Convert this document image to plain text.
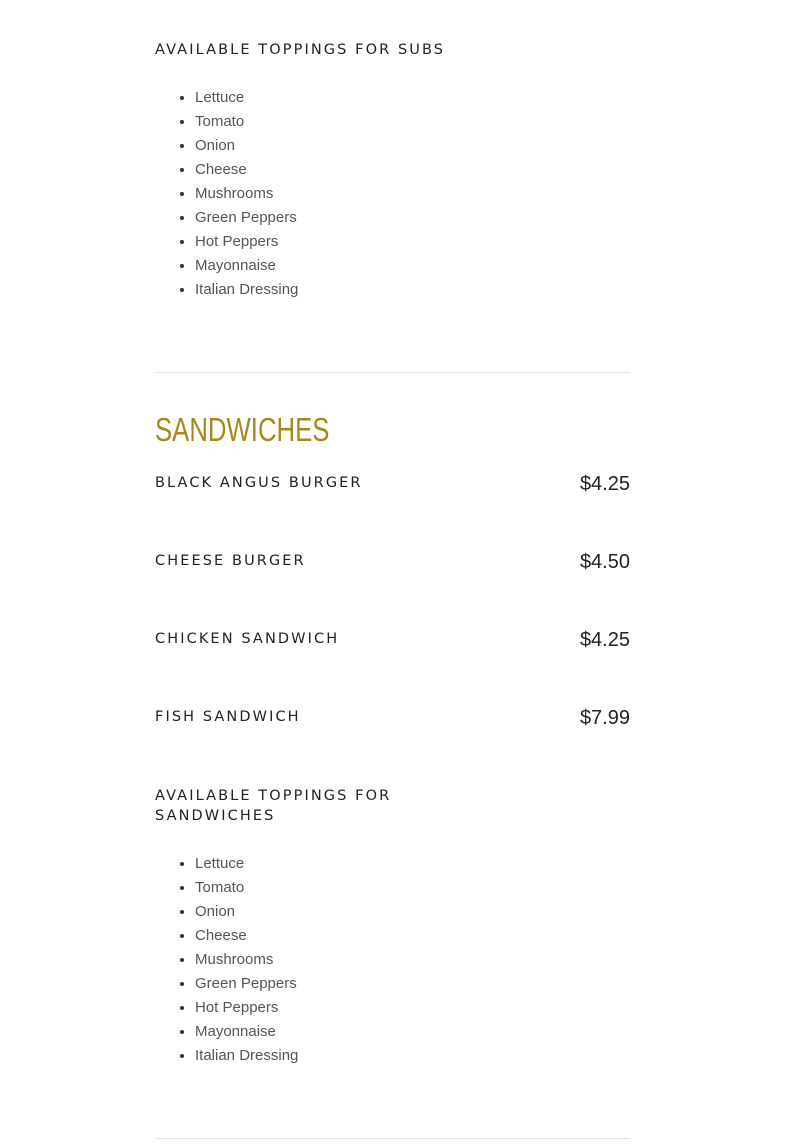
AVAILABLE TOPPINGS FOR SUBS
• Lettuce
• Tomato
• Onion
• Cheese
• Mushrooms
• Green Peppers
• Hot Peppers
• Mayonnaise
• Italian Dressing
SANDWICHES
BLACK ANGUS BURGER	$4.25
CHEESE BURGER	$4.50
CHICKEN SANDWICH	$4.25
FISH SANDWICH	$7.99
AVAILABLE TOPPINGS FOR
SANDWICHES
• Lettuce
• Tomato
• Onion
• Cheese
• Mushrooms
• Green Peppers
• Hot Peppers
• Mayonnaise
• Italian Dressing
